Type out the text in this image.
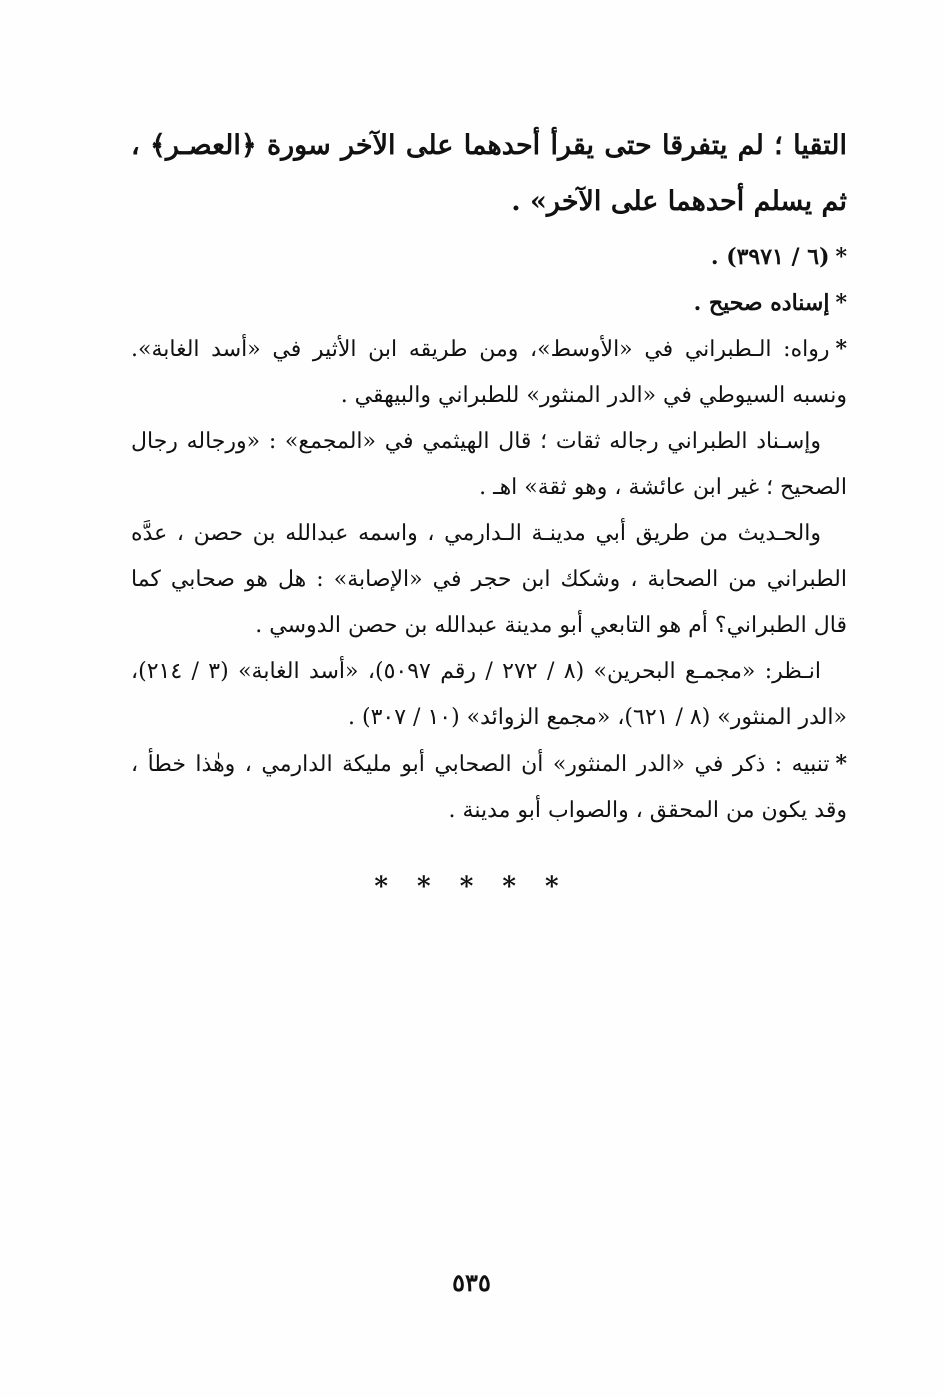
التقيا ؛ لم يتفرقا حتى يقرأ أحدهما على الآخر سورة ﴿العصـر﴾ ، ثم يسلم أحدهما على الآخر» .

*(٦ / ٣٩٧١) .

*إسناده صحيح .

*رواه: الـطبراني في «الأوسط»، ومن طريقه ابن الأثير في «أسد الغابة». ونسبه السيوطي في «الدر المنثور» للطبراني والبيهقي .

وإسـناد الطبراني رجاله ثقات ؛ قال الهيثمي في «المجمع» : «ورجاله رجال الصحيح ؛ غير ابن عائشة ، وهو ثقة» اهـ .

والحـديث من طريق أبي مدينـة الـدارمي ، واسمه عبدالله بن حصن ، عدَّه الطبراني من الصحابة ، وشكك ابن حجر في «الإصابة» : هل هو صحابي كما قال الطبراني؟ أم هو التابعي أبو مدينة عبدالله بن حصن الدوسي .

انـظر: «مجمـع البحرين» (٨ / ٢٧٢ / رقم ٥٠٩٧)، «أسد الغابة» (٣ / ٢١٤)، «الدر المنثور» (٨ / ٦٢١)، «مجمع الزوائد» (١٠ / ٣٠٧) .

*تنبيه : ذكر في «الدر المنثور» أن الصحابي أبو مليكة الدارمي ، وهٰذا خطأ ، وقد يكون من المحقق ، والصواب أبو مدينة .

* * * * *
٥٣٥
